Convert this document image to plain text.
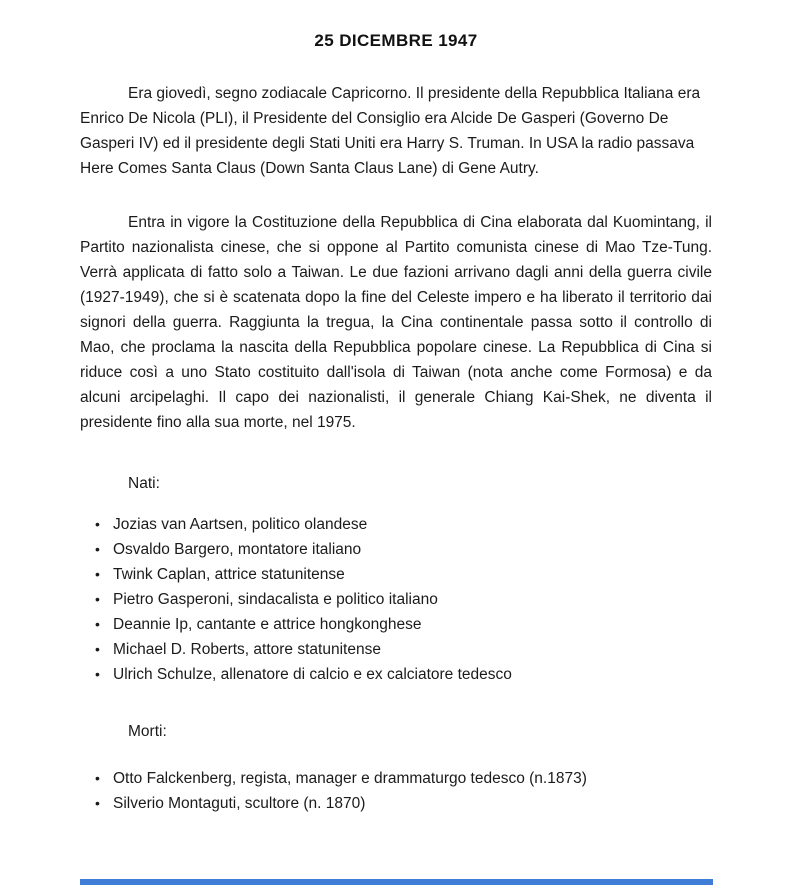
25 DICEMBRE 1947

Era giovedì, segno zodiacale Capricorno. Il presidente della Repubblica Italiana era Enrico De Nicola (PLI), il Presidente del Consiglio era Alcide De Gasperi (Governo De Gasperi IV) ed il presidente degli Stati Uniti era Harry S. Truman. In USA la radio passava Here Comes Santa Claus (Down Santa Claus Lane) di Gene Autry.

Entra in vigore la Costituzione della Repubblica di Cina elaborata dal Kuomintang, il Partito nazionalista cinese, che si oppone al Partito comunista cinese di Mao Tze-Tung. Verrà applicata di fatto solo a Taiwan. Le due fazioni arrivano dagli anni della guerra civile (1927-1949), che si è scatenata dopo la fine del Celeste impero e ha liberato il territorio dai signori della guerra. Raggiunta la tregua, la Cina continentale passa sotto il controllo di Mao, che proclama la nascita della Repubblica popolare cinese. La Repubblica di Cina si riduce così a uno Stato costituito dall'isola di Taiwan (nota anche come Formosa) e da alcuni arcipelaghi. Il capo dei nazionalisti, il generale Chiang Kai-Shek, ne diventa il presidente fino alla sua morte, nel 1975.

Nati:

• Jozias van Aartsen, politico olandese
• Osvaldo Bargero, montatore italiano
• Twink Caplan, attrice statunitense
• Pietro Gasperoni, sindacalista e politico italiano
• Deannie Ip, cantante e attrice hongkonghese
• Michael D. Roberts, attore statunitense
• Ulrich Schulze, allenatore di calcio e ex calciatore tedesco

Morti:

• Otto Falckenberg, regista, manager e drammaturgo tedesco (n.1873)
• Silverio Montaguti, scultore (n. 1870)
